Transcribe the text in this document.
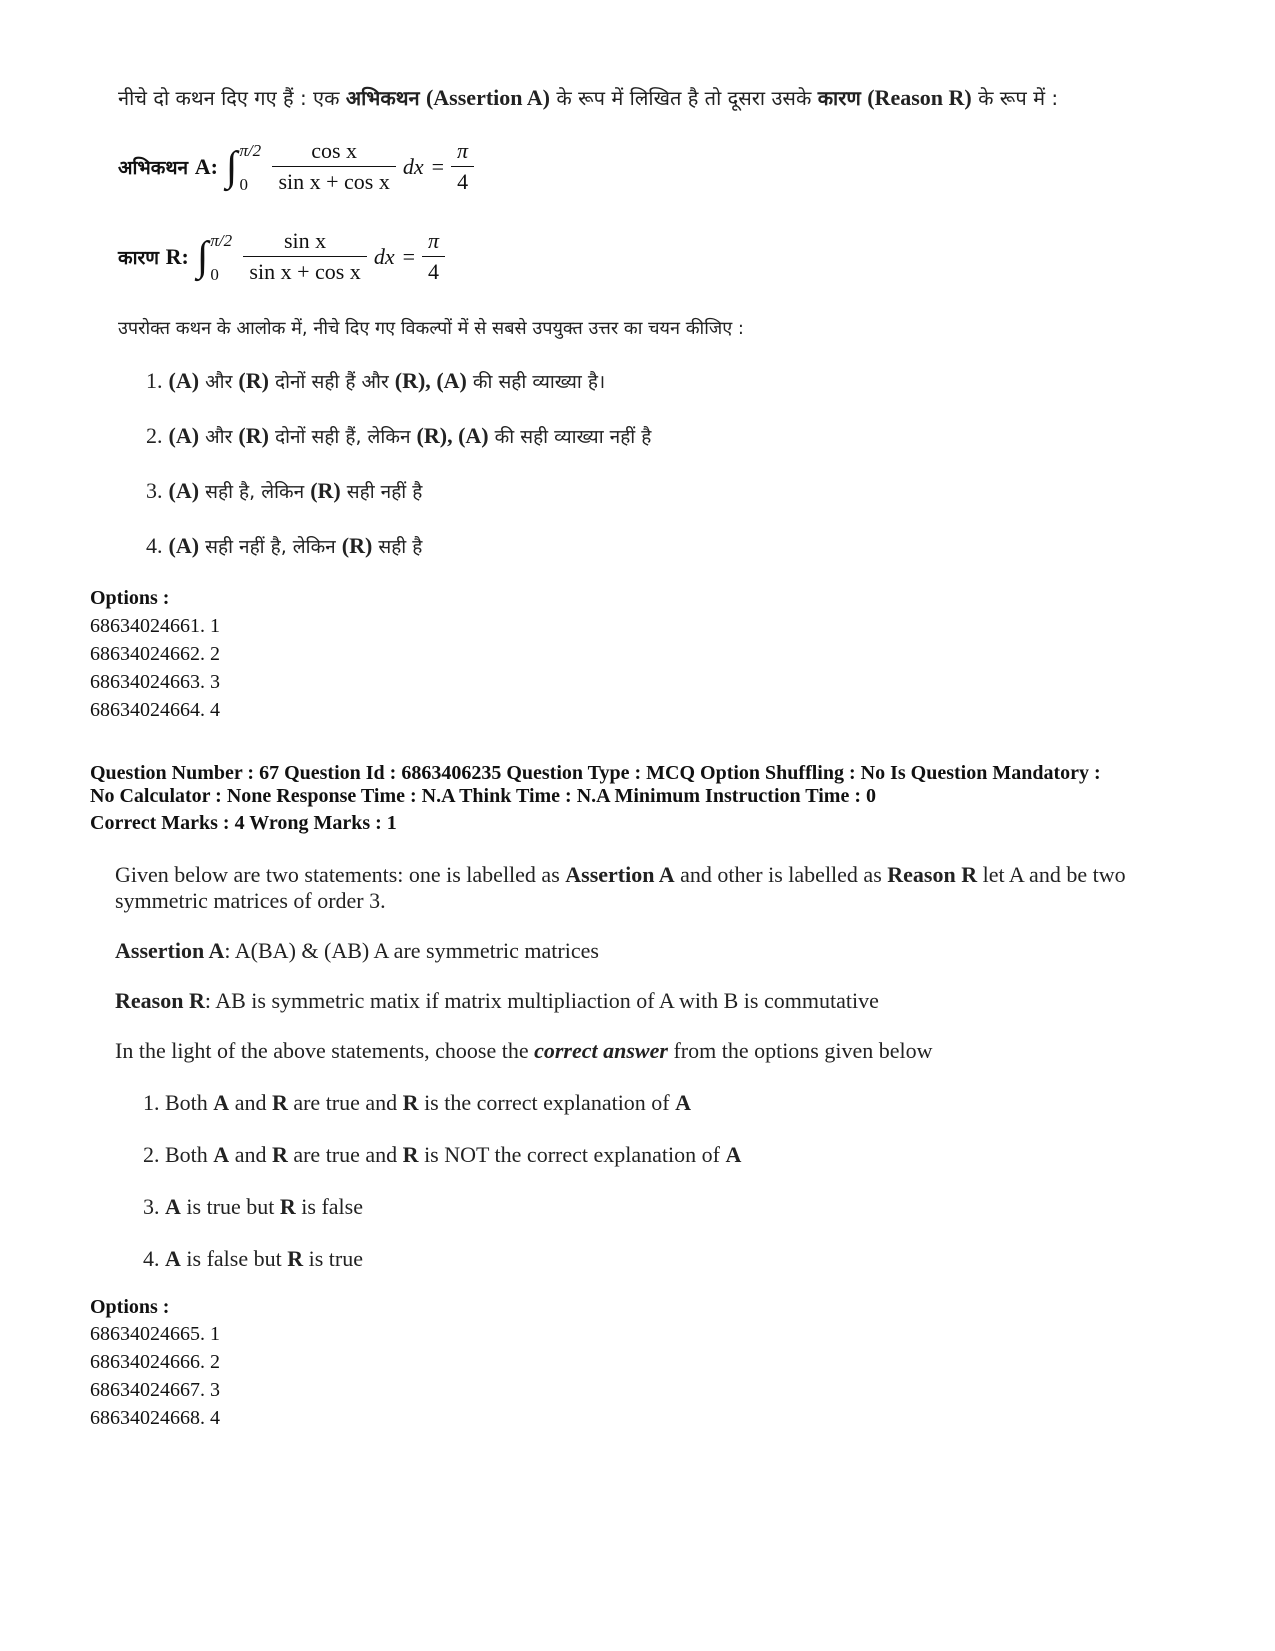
नीचे दो कथन दिए गए हैं : एक अभिकथन (Assertion A) के रूप में लिखित है तो दूसरा उसके कारण (Reason R) के रूप में :
अभिकथन A: ∫ π/2
$0 \frac{\text{cos x}}{\text{sin x + cos x}}$ dx = $\frac{\pi}{4}$
कारण R: ∫ π/2
$0 \frac{\text{sin x}}{\text{sin x + cos x}}$ dx = $\frac{\pi}{4}$
उपरोक्त कथन के आलोक में, नीचे दिए गए विकल्पों में से सबसे उपयुक्त उत्तर का चयन कीजिए :
1. (A) और (R) दोनों सही हैं और (R), (A) की सही व्याख्या है।
2. (A) और (R) दोनों सही हैं, लेकिन (R), (A) की सही व्याख्या नहीं है
3. (A) सही है, लेकिन (R) सही नहीं है
4. (A) सही नहीं है, लेकिन (R) सही है
Options :
68634024661. 1
68634024662. 2
68634024663. 3
68634024664. 4
Question Number : 67 Question Id : 6863406235 Question Type : MCQ Option Shuffling : No Is Question Mandatory :
No Calculator : None Response Time : N.A Think Time : N.A Minimum Instruction Time : 0
Correct Marks : 4 Wrong Marks : 1
Given below are two statements: one is labelled as Assertion A and other is labelled as Reason R let A and be two symmetric matrices of order 3.
Assertion A: A(BA) & (AB) A are symmetric matrices
Reason R: AB is symmetric matix if matrix multipliaction of A with B is commutative
In the light of the above statements, choose the correct answer from the options given below
1. Both A and R are true and R is the correct explanation of A
2. Both A and R are true and R is NOT the correct explanation of A
3. A is true but R is false
4. A is false but R is true
Options :
68634024665. 1
68634024666. 2
68634024667. 3
68634024668. 4
